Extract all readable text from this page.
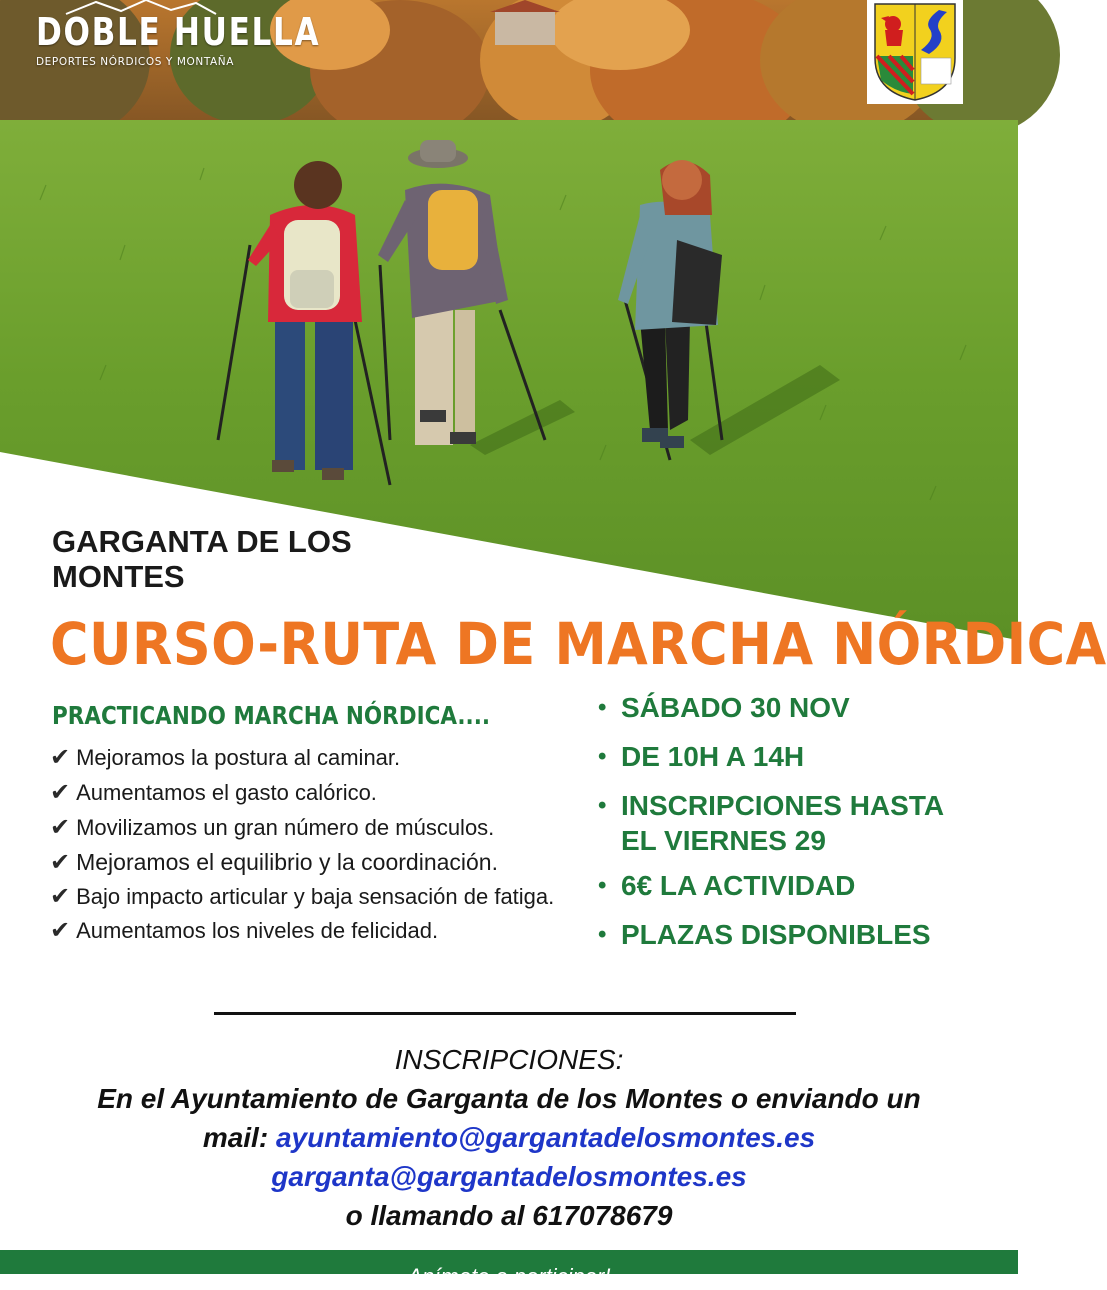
DOBLE HUELLA
DEPORTES NÓRDICOS Y MONTAÑA
GARGANTA DE LOS MONTES
CURSO-RUTA DE MARCHA NÓRDICA
PRACTICANDO MARCHA NÓRDICA....
✔ Mejoramos la postura al caminar.
✔ Aumentamos el gasto calórico.
✔ Movilizamos un gran número de músculos.
✔ Mejoramos el equilibrio y la coordinación.
✔ Bajo impacto articular y baja sensación de fatiga.
✔ Aumentamos los niveles de felicidad.
• SÁBADO 30 NOV
• DE 10H A 14H
• INSCRIPCIONES HASTA EL VIERNES 29
• 6€ LA ACTIVIDAD
• PLAZAS DISPONIBLES
INSCRIPCIONES:
En el Ayuntamiento de Garganta de los Montes o enviando un
mail: ayuntamiento@gargantadelosmontes.es
garganta@gargantadelosmontes.es
o llamando al 617078679
Anímate a participar!
